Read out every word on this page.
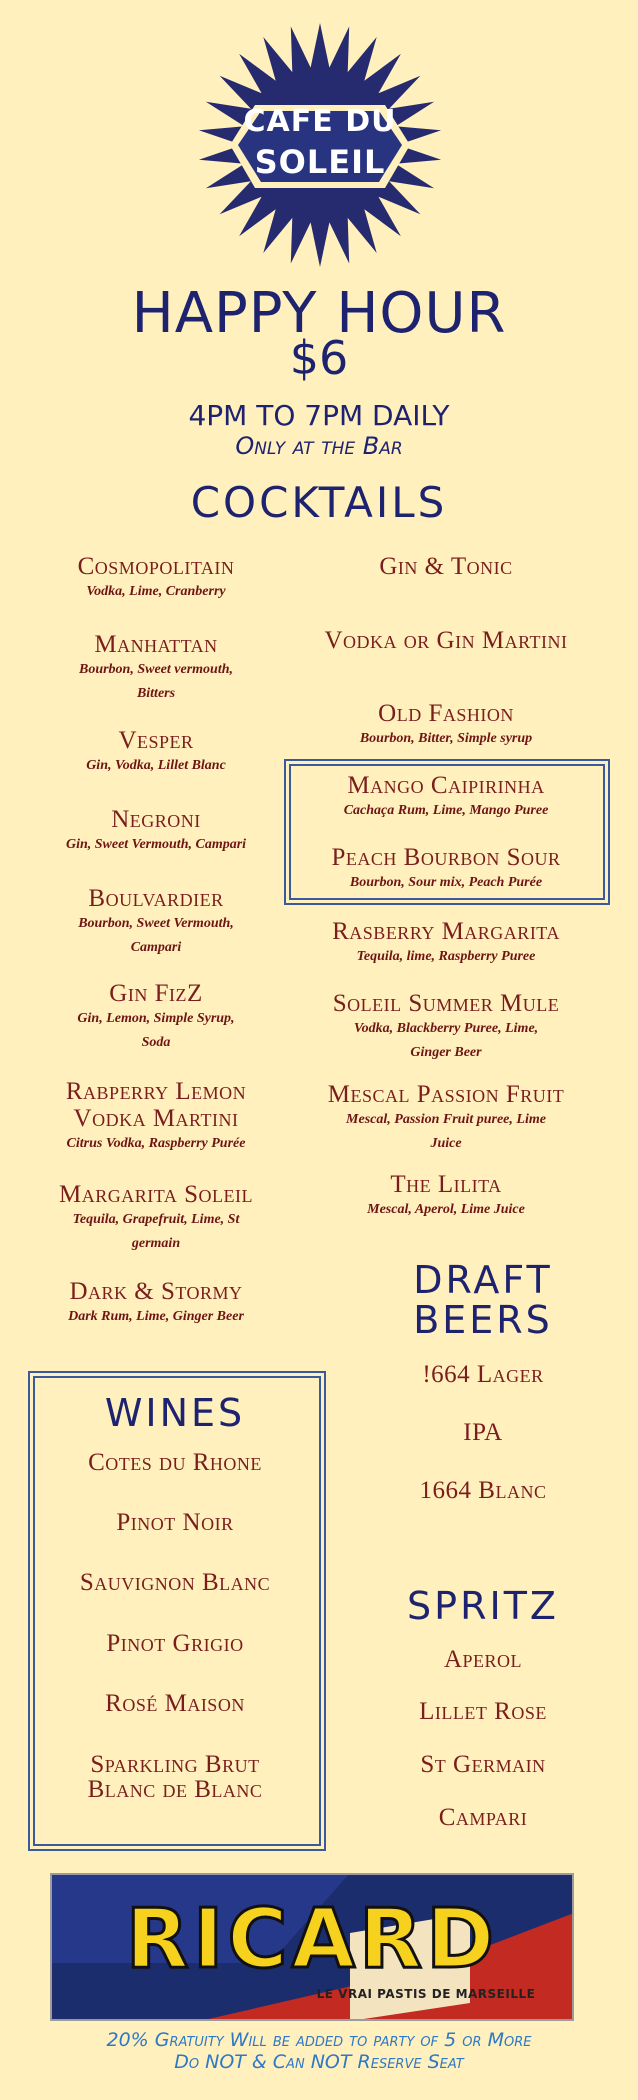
CAFE DU
SOLEIL
HAPPY HOUR
$6
4PM TO 7PM DAILY
Only at the Bar
COCKTAILS
Cosmopolitain
Vodka, Lime, Cranberry
Manhattan
Bourbon, Sweet vermouth,
Bitters
Vesper
Gin, Vodka, Lillet Blanc
Negroni
Gin, Sweet Vermouth, Campari
Boulvardier
Bourbon, Sweet Vermouth,
Campari
Gin FizZ
Gin, Lemon, Simple Syrup,
Soda
Rabperry Lemon
Vodka Martini
Citrus Vodka, Raspberry Purée
Margarita Soleil
Tequila, Grapefruit, Lime, St
germain
Dark & Stormy
Dark Rum, Lime, Ginger Beer
Gin & Tonic
Vodka or Gin Martini
Old Fashion
Bourbon, Bitter, Simple syrup
Mango Caipirinha
Cachaça Rum, Lime, Mango Puree
Peach Bourbon Sour
Bourbon, Sour mix, Peach Purée
Rasberry Margarita
Tequila, lime, Raspberry Puree
Soleil Summer Mule
Vodka, Blackberry Puree, Lime,
Ginger Beer
Mescal Passion Fruit
Mescal, Passion Fruit puree, Lime
Juice
The Lilita
Mescal, Aperol, Lime Juice
DRAFT
BEERS
!664 Lager
IPA
1664 Blanc
WINES
Cotes du Rhone
Pinot Noir
Sauvignon Blanc
Pinot Grigio
Rosé Maison
Sparkling Brut
Blanc de Blanc
SPRITZ
Aperol
Lillet Rose
St Germain
Campari
RICARD
LE VRAI PASTIS DE MARSEILLE
20% Gratuity Will be added to party of 5 or More
Do NOT & Can NOT Reserve Seat
